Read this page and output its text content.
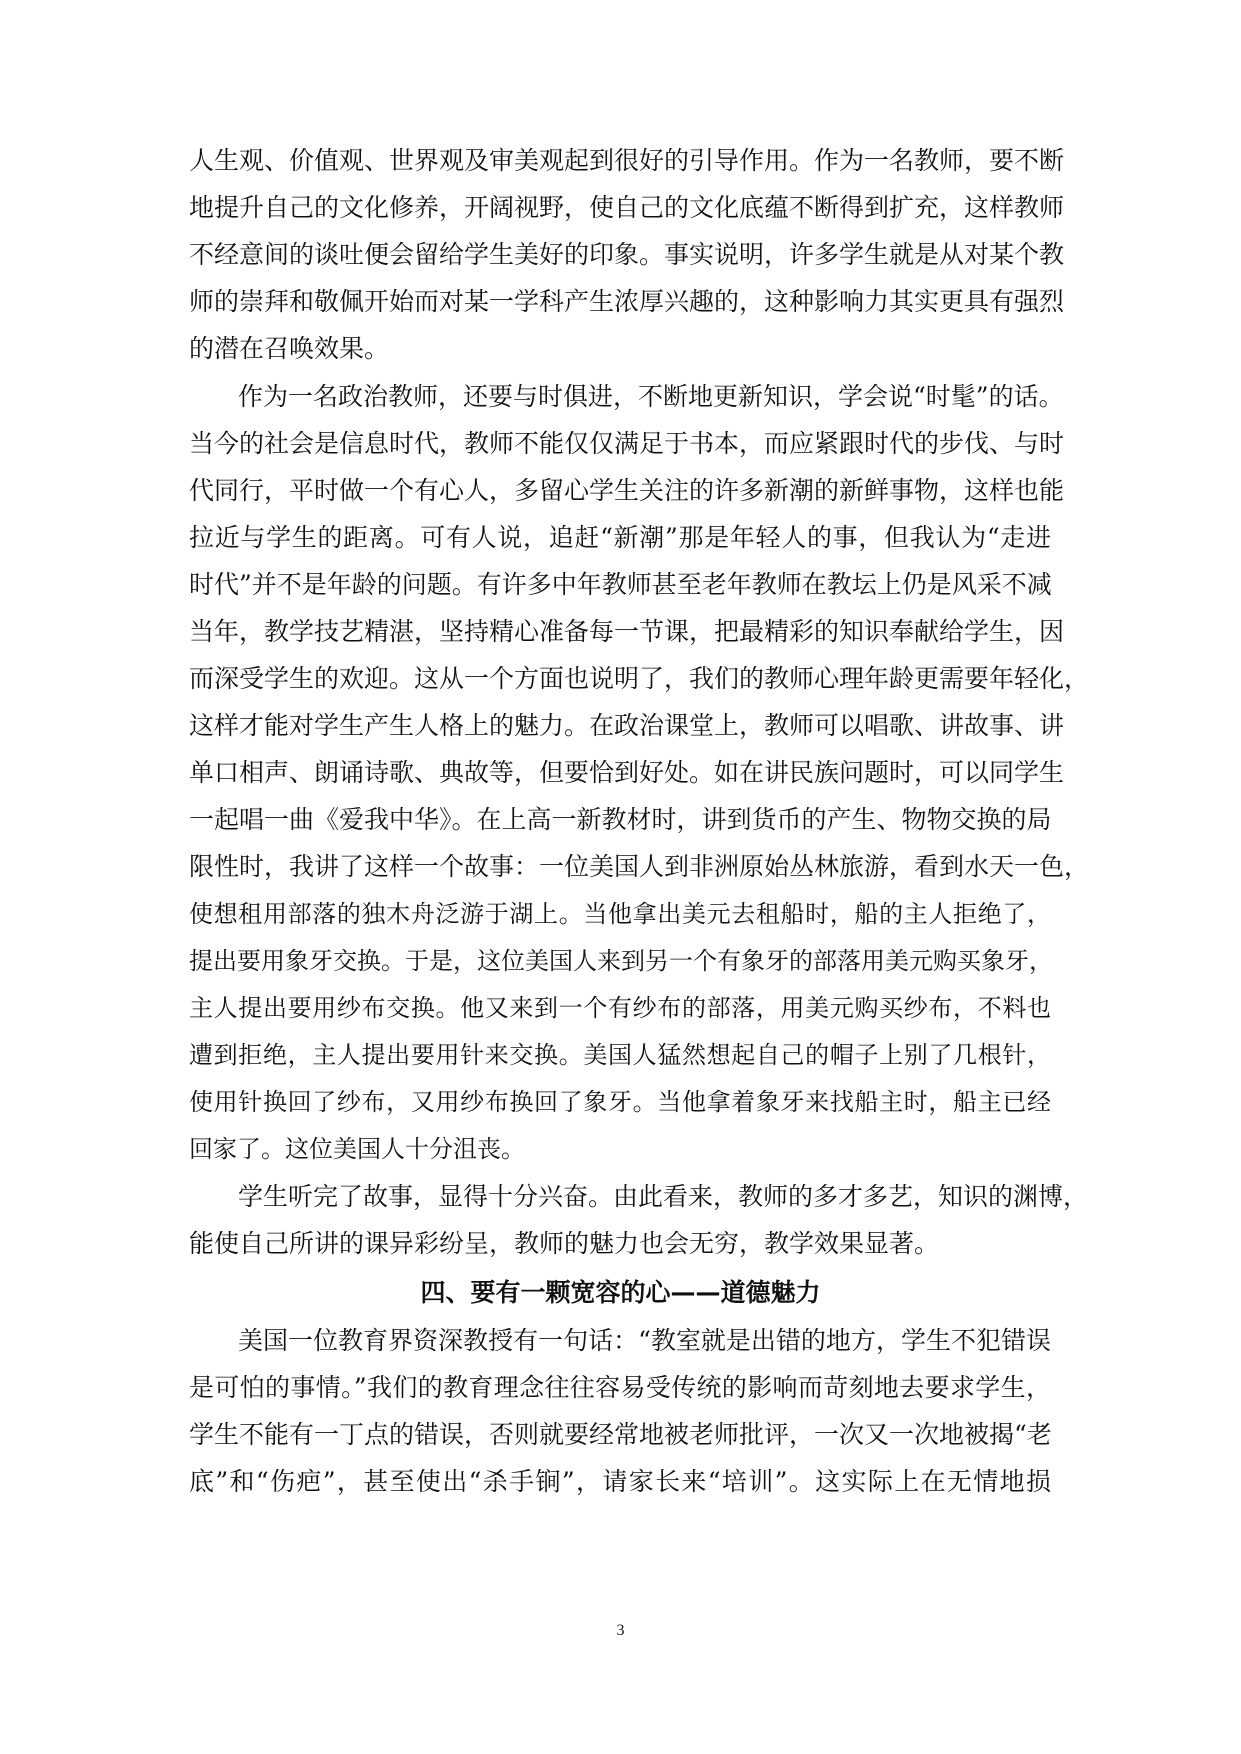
人生观、价值观、世界观及审美观起到很好的引导作用。作为一名教师，要不断
地提升自己的文化修养，开阔视野，使自己的文化底蕴不断得到扩充，这样教师
不经意间的谈吐便会留给学生美好的印象。事实说明，许多学生就是从对某个教
师的崇拜和敬佩开始而对某一学科产生浓厚兴趣的，这种影响力其实更具有强烈
的潜在召唤效果。
作为一名政治教师，还要与时俱进，不断地更新知识，学会说“时髦”的话。
当今的社会是信息时代，教师不能仅仅满足于书本，而应紧跟时代的步伐、与时
代同行，平时做一个有心人，多留心学生关注的许多新潮的新鲜事物，这样也能
拉近与学生的距离。可有人说，追赶“新潮”那是年轻人的事，但我认为“走进
时代”并不是年龄的问题。有许多中年教师甚至老年教师在教坛上仍是风采不减
当年，教学技艺精湛，坚持精心准备每一节课，把最精彩的知识奉献给学生，因
而深受学生的欢迎。这从一个方面也说明了，我们的教师心理年龄更需要年轻化，
这样才能对学生产生人格上的魅力。在政治课堂上，教师可以唱歌、讲故事、讲
单口相声、朗诵诗歌、典故等，但要恰到好处。如在讲民族问题时，可以同学生
一起唱一曲《爱我中华》。在上高一新教材时，讲到货币的产生、物物交换的局
限性时，我讲了这样一个故事：一位美国人到非洲原始丛林旅游，看到水天一色，
使想租用部落的独木舟泛游于湖上。当他拿出美元去租船时，船的主人拒绝了，
提出要用象牙交换。于是，这位美国人来到另一个有象牙的部落用美元购买象牙，
主人提出要用纱布交换。他又来到一个有纱布的部落，用美元购买纱布，不料也
遭到拒绝，主人提出要用针来交换。美国人猛然想起自己的帽子上别了几根针，
使用针换回了纱布，又用纱布换回了象牙。当他拿着象牙来找船主时，船主已经
回家了。这位美国人十分沮丧。
学生听完了故事，显得十分兴奋。由此看来，教师的多才多艺，知识的渊博，
能使自己所讲的课异彩纷呈，教师的魅力也会无穷，教学效果显著。
四、要有一颗宽容的心——道德魅力
美国一位教育界资深教授有一句话：“教室就是出错的地方，学生不犯错误
是可怕的事情。”我们的教育理念往往容易受传统的影响而苛刻地去要求学生，
学生不能有一丁点的错误，否则就要经常地被老师批评，一次又一次地被揭“老
底”和“伤疤”，甚至使出“杀手锏”，请家长来“培训”。这实际上在无情地损
3
